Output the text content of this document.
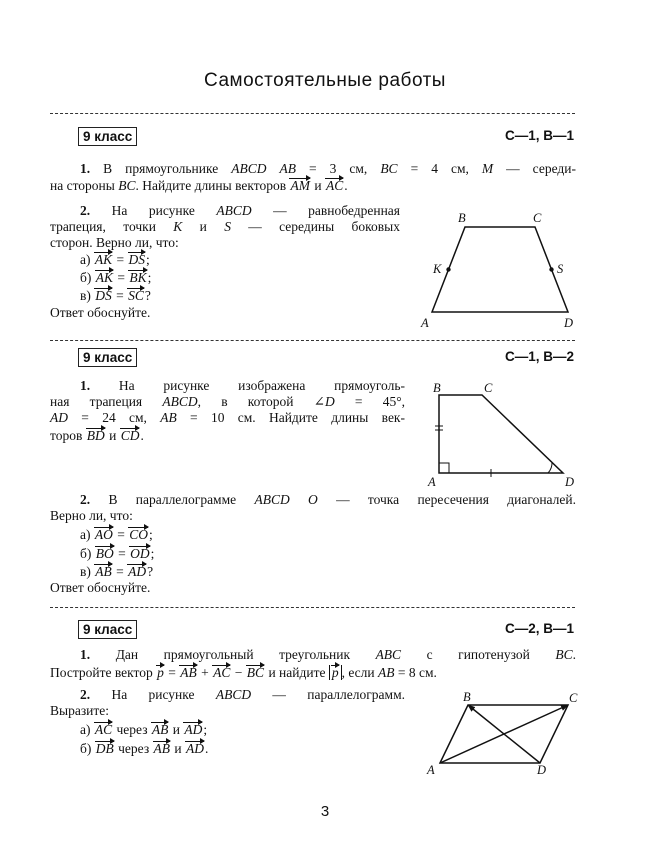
Самостоятельные работы
9 класс	С—1, В—1
1. В прямоугольнике ABCD AB = 3 см, BC = 4 см, M — середи-
на стороны BC. Найдите длины векторов AM и AC.
2. На рисунке ABCD — равнобедренная
трапеция, точки K и S — середины боковых
сторон. Верно ли, что:
а) AK = DS;
б) AK = BK;
в) DS = SC?
Ответ обоснуйте.
B	C
K	S
A	D
9 класс	С—1, В—2
1. На рисунке изображена прямоуголь-
ная трапеция ABCD, в которой ∠D = 45°,
AD = 24 см, AB = 10 см. Найдите длины век-
торов BD и CD.
B	C
A	D
2. В параллелограмме ABCD O — точка пересечения диагоналей.
Верно ли, что:
а) AO = CO;
б) BO = OD;
в) AB = AD?
Ответ обоснуйте.
9 класс	С—2, В—1
1. Дан прямоугольный треугольник ABC с гипотенузой BC.
Постройте вектор p = AB + AC − BC и найдите p , если AB = 8 см.
2. На рисунке ABCD — параллелограмм.
Выразите:
а) AC через AB и AD;
б) DB через AB и AD.
B	C
A	D
3
